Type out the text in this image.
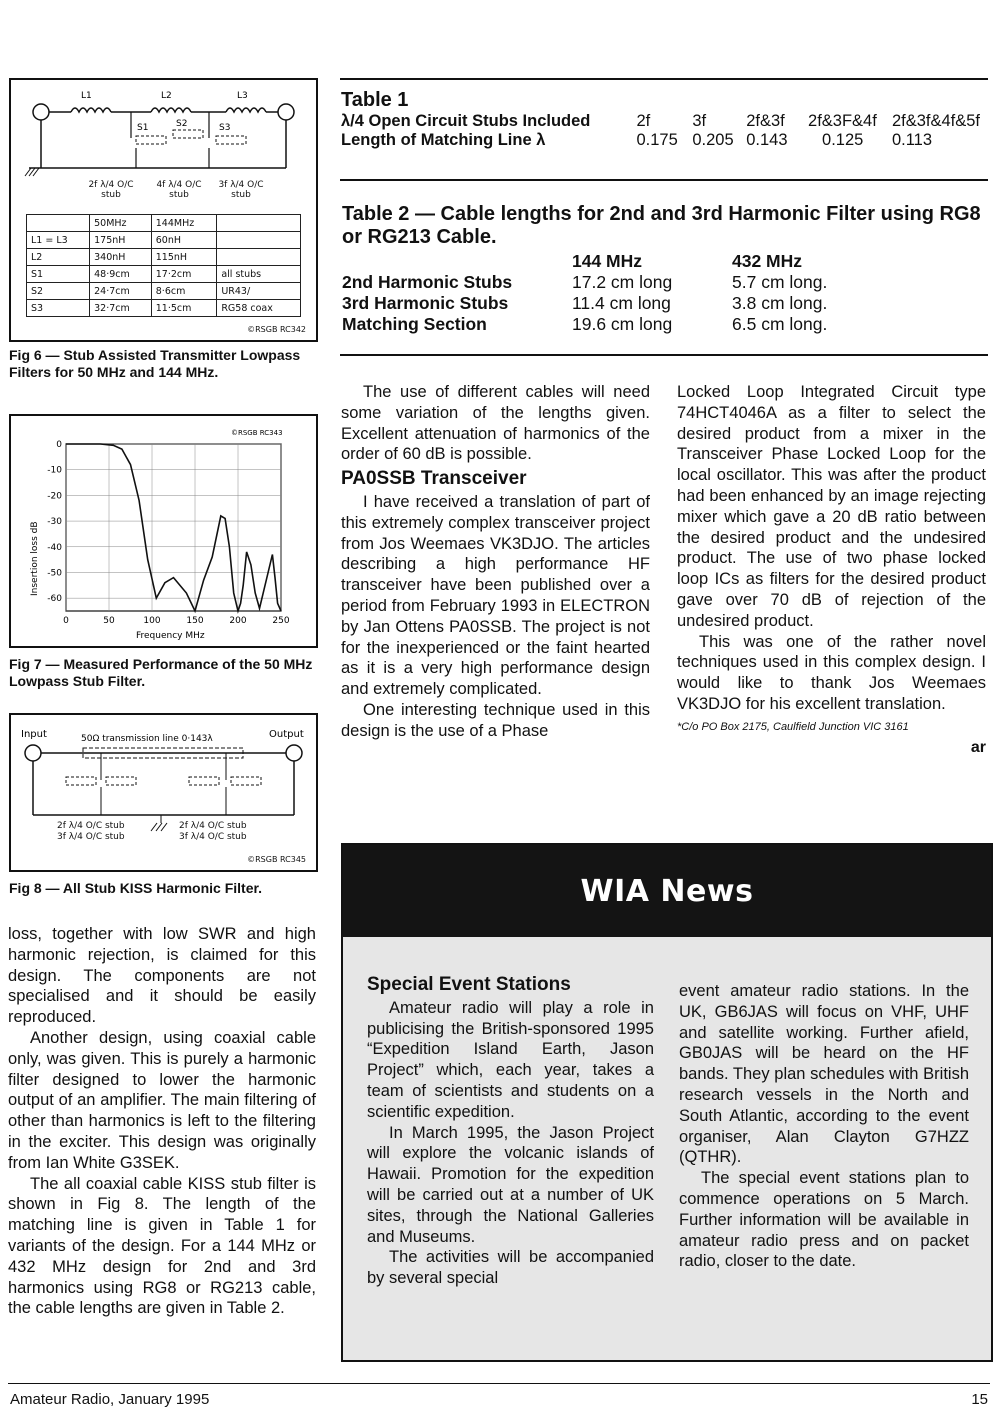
L1	L2	L3
S1	S2	S3
2f λ/4 O/C stub
4f λ/4 O/C stub
3f λ/4 O/C stub
	50MHz	144MHz	
L1 = L3	175nH	60nH	
L2	340nH	115nH	
S1	48·9cm	17·2cm	all stubs
S2	24·7cm	8·6cm	UR43/
S3	32·7cm	11·5cm	RG58 coax
©RSGB RC342
Fig 6 — Stub Assisted Transmitter Lowpass Filters for 50 MHz and 144 MHz.
0
-10
-20
-30
-40
-50
-60
0	50	100	150	200	250
Insertion loss dB
Frequency MHz
©RSGB RC343
Fig 7 — Measured Performance of the 50 MHz Lowpass Stub Filter.
Input	Output
50Ω transmission line 0·143λ
2f λ/4 O/C stub
3f λ/4 O/C stub
2f λ/4 O/C stub
3f λ/4 O/C stub
©RSGB RC345
Fig 8 — All Stub KISS Harmonic Filter.

loss, together with low SWR and high harmonic rejection, is claimed for this design. The components are not specialised and it should be easily reproduced.

Another design, using coaxial cable only, was given. This is purely a harmonic filter designed to lower the harmonic output of an amplifier. The main filtering of other than harmonics is left to the filtering in the exciter. This design was originally from Ian White G3SEK.

The all coaxial cable KISS stub filter is shown in Fig 8. The length of the matching line is given in Table 1 for variants of the design. For a 144 MHz or 432 MHz design for 2nd and 3rd harmonics using RG8 or RG213 cable, the cable lengths are given in Table 2.

Table 1
λ/4 Open Circuit Stubs Included	2f	3f	2f&3f	2f&3F&4f	2f&3f&4f&5f
Length of Matching Line λ	0.175	0.205	0.143	0.125	0.113
Table 2 — Cable lengths for 2nd and 3rd Harmonic Filter using RG8 or RG213 Cable.
	144 MHz	432 MHz
2nd Harmonic Stubs	17.2 cm long	5.7 cm long.
3rd Harmonic Stubs	11.4 cm long	3.8 cm long.
Matching Section	19.6 cm long	6.5 cm long.

The use of different cables will need some variation of the lengths given. Excellent attenuation of harmonics of the order of 60 dB is possible.

PA0SSB Transceiver

I have received a translation of part of this extremely complex transceiver project from Jos Weemaes VK3DJO. The articles describing a high performance HF transceiver have been published over a period from February 1993 in ELECTRON by Jan Ottens PA0SSB. The project is not for the inexperienced or the faint hearted as it is a very high performance design and extremely complicated.

One interesting technique used in this design is the use of a Phase

Locked Loop Integrated Circuit type 74HCT4046A as a filter to select the desired product from a mixer in the Transceiver Phase Locked Loop for the local oscillator. This was after the product had been enhanced by an image rejecting mixer which gave a 20 dB ratio between the desired product and the undesired product. The use of two phase locked loop ICs as filters for the desired product gave over 70 dB of rejection of the undesired product.

This was one of the rather novel techniques used in this complex design. I would like to thank Jos Weemaes VK3DJO for his excellent translation.

*C/o PO Box 2175, Caulfield Junction VIC 3161
ar
WIA News
Special Event Stations

Amateur radio will play a role in publicising the British-sponsored 1995 “Expedition Island Earth, Jason Project” which, each year, takes a team of scientists and students on a scientific expedition.

In March 1995, the Jason Project will explore the volcanic islands of Hawaii. Promotion for the expedition will be carried out at a number of UK sites, through the National Galleries and Museums.

The activities will be accompanied by several special

event amateur radio stations. In the UK, GB6JAS will focus on VHF, UHF and satellite working. Further afield, GB0JAS will be heard on the HF bands. They plan schedules with British research vessels in the North and South Atlantic, according to the event organiser, Alan Clayton G7HZZ (QTHR).

The special event stations plan to commence operations on 5 March. Further information will be available in amateur radio press and on packet radio, closer to the date.

Amateur Radio, January 1995	15
